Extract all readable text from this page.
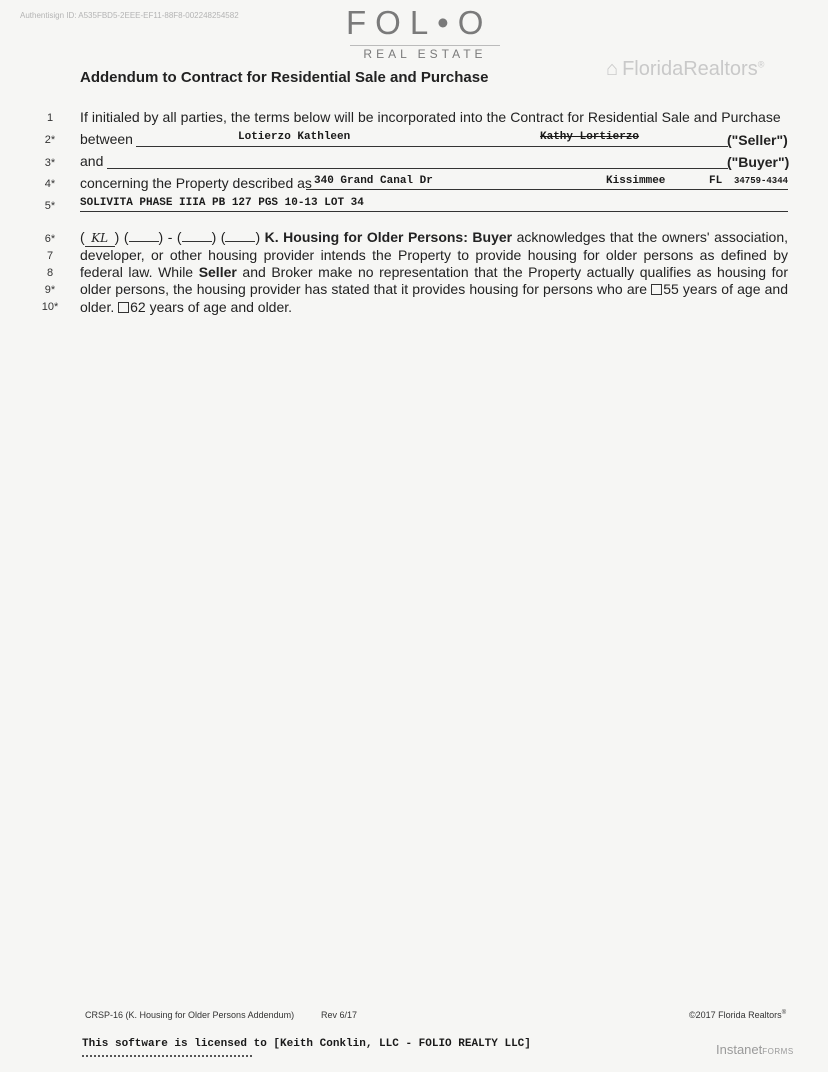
Authentisign ID: A535FBD5-2EEE-EF11-88F8-002248254582	FOL•O
REAL ESTATE
⌂ FloridaRealtors®
Addendum to Contract for Residential Sale and Purchase
1	If initialed by all parties, the terms below will be incorporated into the Contract for Residential Sale and Purchase
2*	between	Lotierzo Kathleen	Kathy Lortierzo	("Seller")
3*	and	("Buyer")
4*	concerning the Property described as 340 Grand Canal Dr	Kissimmee	FL 34759-4344
5*	SOLIVITA PHASE IIIA PB 127 PGS 10-13 LOT 34
6*
7
8
9*
10*
( KL ) ( ) - ( ) ( ) K. Housing for Older Persons: Buyer acknowledges that the owners' association, developer, or other housing provider intends the Property to provide housing for older persons as defined by federal law. While Seller and Broker make no representation that the Property actually qualifies as housing for older persons, the housing provider has stated that it provides housing for persons who are 55 years of age and older. 62 years of age and older.
CRSP-16 (K. Housing for Older Persons Addendum)	Rev 6/17	©2017 Florida Realtors®
This software is licensed to [Keith Conklin, LLC - FOLIO REALTY LLC]	InstanetFORMS
